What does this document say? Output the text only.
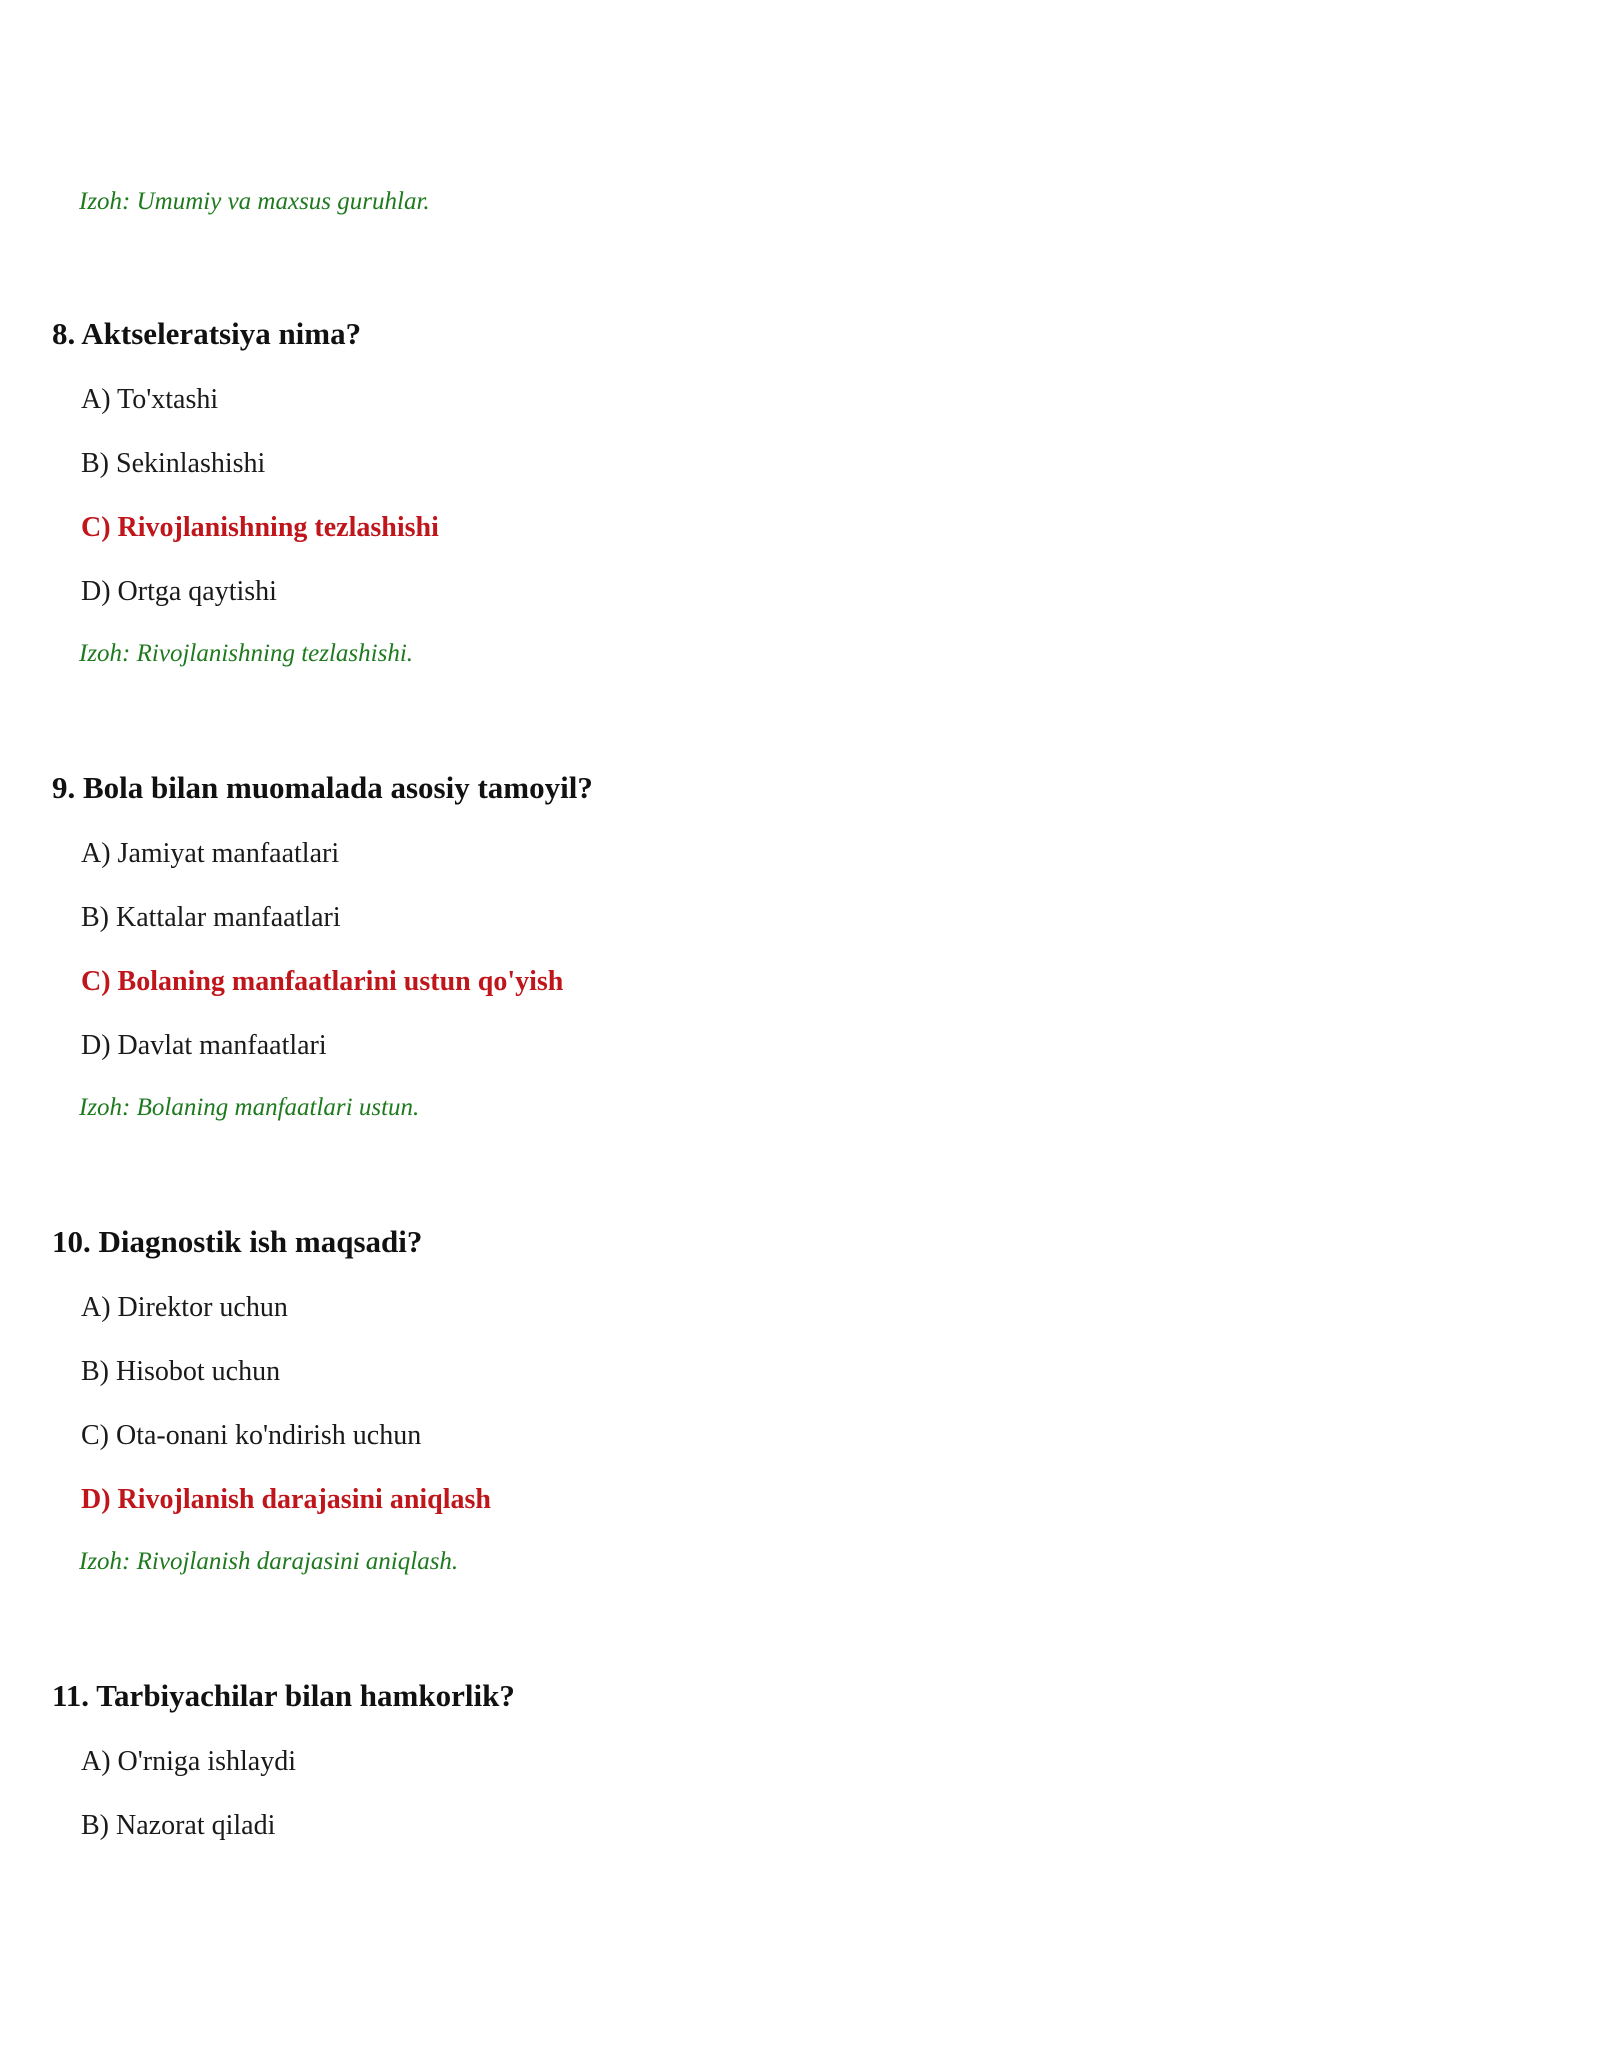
Izoh: Umumiy va maxsus guruhlar.
8. Aktseleratsiya nima?
A) To'xtashi
B) Sekinlashishi
C) Rivojlanishning tezlashishi
D) Ortga qaytishi
Izoh: Rivojlanishning tezlashishi.
9. Bola bilan muomalada asosiy tamoyil?
A) Jamiyat manfaatlari
B) Kattalar manfaatlari
C) Bolaning manfaatlarini ustun qo'yish
D) Davlat manfaatlari
Izoh: Bolaning manfaatlari ustun.
10. Diagnostik ish maqsadi?
A) Direktor uchun
B) Hisobot uchun
C) Ota-onani ko'ndirish uchun
D) Rivojlanish darajasini aniqlash
Izoh: Rivojlanish darajasini aniqlash.
11. Tarbiyachilar bilan hamkorlik?
A) O'rniga ishlaydi
B) Nazorat qiladi
